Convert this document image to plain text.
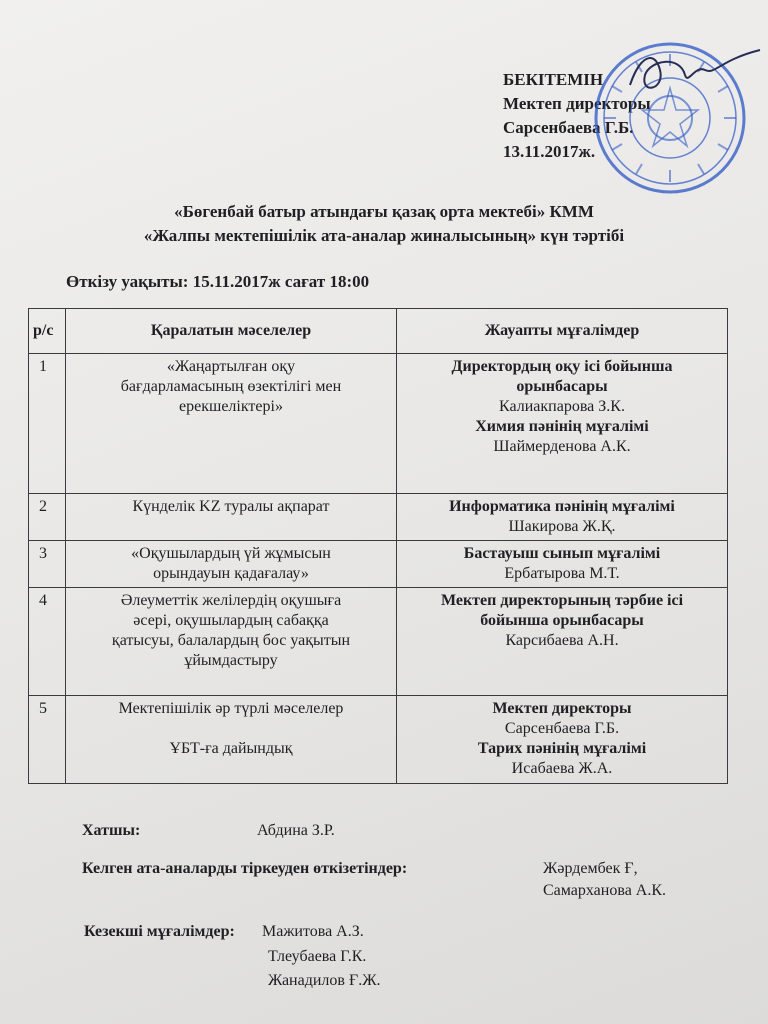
БЕКІТЕМІН
Мектеп директоры
Сарсенбаева Г.Б.
13.11.2017ж.
«Бөгенбай батыр атындағы қазақ орта мектебі» КММ
«Жалпы мектепішілік ата-аналар жиналысының» күн тәртібі
Өткізу уақыты: 15.11.2017ж сағат 18:00
р/с	Қаралатын мәселелер	Жауапты мұғалімдер
1	«Жаңартылған оқу
бағдарламасының өзектілігі мен
ерекшеліктері»	Директордың оқу ісі бойынша
орынбасары
Калиакпарова З.К.
Химия пәнінің мұғалімі
Шаймерденова А.К.

2	Күнделік KZ туралы ақпарат	Информатика пәнінің мұғалімі
Шакирова Ж.Қ.

3	«Оқушылардың үй жұмысын
орындауын қадағалау»	Бастауыш сынып мұғалімі
Ербатырова М.Т.

4	Әлеуметтік желілердің оқушыға
әсері, оқушылардың сабаққа
қатысуы, балалардың бос уақытын
ұйымдастыру	Мектеп директорының тәрбие ісі
бойынша орынбасары
Карсибаева А.Н.

5	Мектепішілік әр түрлі мәселелер
ҰБТ-ға дайындық	Мектеп директоры
Сарсенбаева Г.Б.
Тарих пәнінің мұғалімі
Исабаева Ж.А.
Хатшы:	Абдина З.Р.
Келген ата-аналарды тіркеуден өткізетіндер:	Жәрдембек Ғ,
Самарханова А.К.
Кезекші мұғалімдер: Мажитова А.З.
Тлеубаева Г.К.
Жанадилов Ғ.Ж.
